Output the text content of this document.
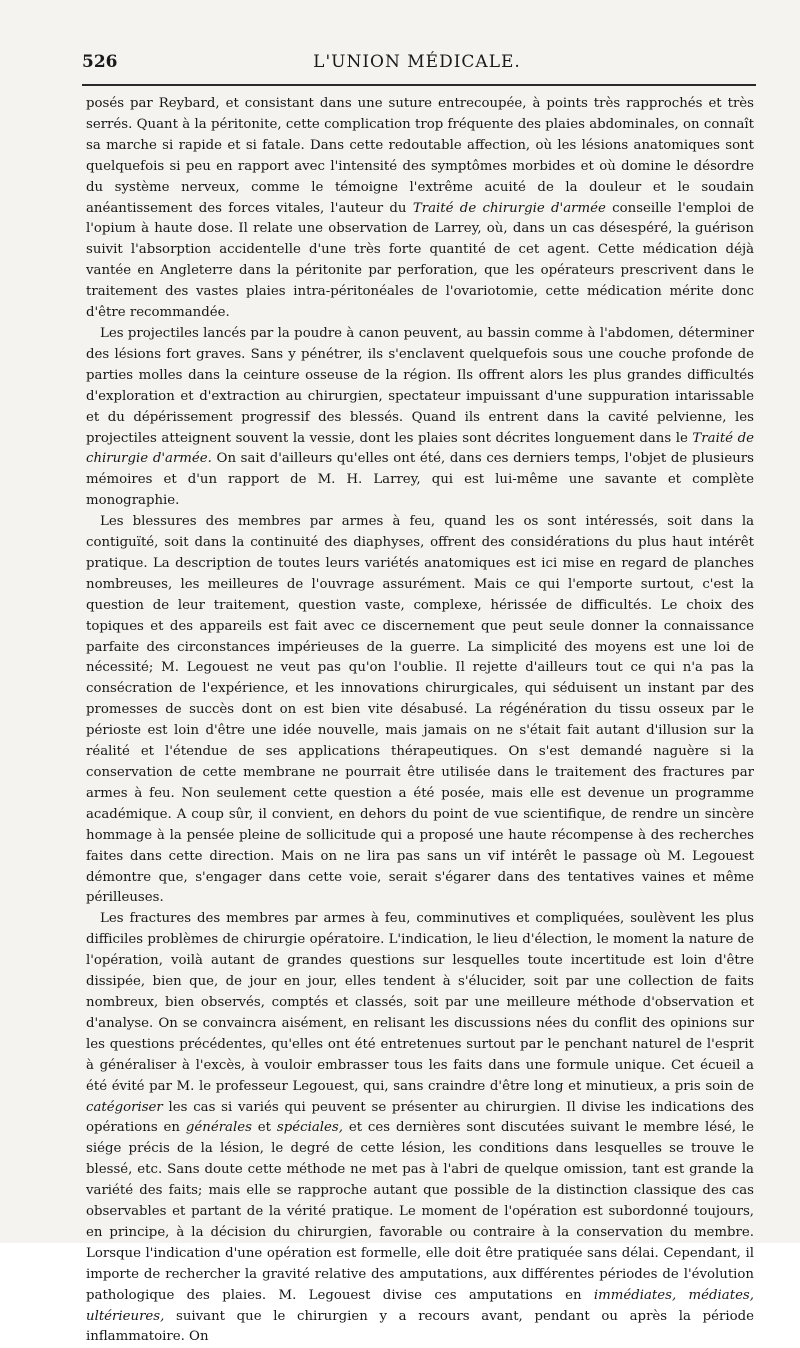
526	L'UNION MÉDICALE.

posés par Reybard, et consistant dans une suture entrecoupée, à points très rapprochés et très serrés. Quant à la péritonite, cette complication trop fréquente des plaies abdominales, on connaît sa marche si rapide et si fatale. Dans cette redoutable affection, où les lésions anatomiques sont quelquefois si peu en rapport avec l'intensité des symptômes morbides et où domine le désordre du système nerveux, comme le témoigne l'extrême acuité de la douleur et le soudain anéantissement des forces vitales, l'auteur du Traité de chirurgie d'armée conseille l'emploi de l'opium à haute dose. Il relate une observation de Larrey, où, dans un cas désespéré, la guérison suivit l'absorption accidentelle d'une très forte quantité de cet agent. Cette médication déjà vantée en Angleterre dans la péritonite par perforation, que les opérateurs prescrivent dans le traitement des vastes plaies intra-péritonéales de l'ovariotomie, cette médication mérite donc d'être recommandée.

Les projectiles lancés par la poudre à canon peuvent, au bassin comme à l'abdomen, déterminer des lésions fort graves. Sans y pénétrer, ils s'enclavent quelquefois sous une couche profonde de parties molles dans la ceinture osseuse de la région. Ils offrent alors les plus grandes difficultés d'exploration et d'extraction au chirurgien, spectateur impuissant d'une suppuration intarissable et du dépérissement progressif des blessés. Quand ils entrent dans la cavité pelvienne, les projectiles atteignent souvent la vessie, dont les plaies sont décrites longuement dans le Traité de chirurgie d'armée. On sait d'ailleurs qu'elles ont été, dans ces derniers temps, l'objet de plusieurs mémoires et d'un rapport de M. H. Larrey, qui est lui-même une savante et complète monographie.

Les blessures des membres par armes à feu, quand les os sont intéressés, soit dans la contiguïté, soit dans la continuité des diaphyses, offrent des considérations du plus haut intérêt pratique. La description de toutes leurs variétés anatomiques est ici mise en regard de planches nombreuses, les meilleures de l'ouvrage assurément. Mais ce qui l'emporte surtout, c'est la question de leur traitement, question vaste, complexe, hérissée de difficultés. Le choix des topiques et des appareils est fait avec ce discernement que peut seule donner la connaissance parfaite des circonstances impérieuses de la guerre. La simplicité des moyens est une loi de nécessité; M. Legouest ne veut pas qu'on l'oublie. Il rejette d'ailleurs tout ce qui n'a pas la consécration de l'expérience, et les innovations chirurgicales, qui séduisent un instant par des promesses de succès dont on est bien vite désabusé. La régénération du tissu osseux par le périoste est loin d'être une idée nouvelle, mais jamais on ne s'était fait autant d'illusion sur la réalité et l'étendue de ses applications thérapeutiques. On s'est demandé naguère si la conservation de cette membrane ne pourrait être utilisée dans le traitement des fractures par armes à feu. Non seulement cette question a été posée, mais elle est devenue un programme académique. A coup sûr, il convient, en dehors du point de vue scientifique, de rendre un sincère hommage à la pensée pleine de sollicitude qui a proposé une haute récompense à des recherches faites dans cette direction. Mais on ne lira pas sans un vif intérêt le passage où M. Legouest démontre que, s'engager dans cette voie, serait s'égarer dans des tentatives vaines et même périlleuses.

Les fractures des membres par armes à feu, comminutives et compliquées, soulèvent les plus difficiles problèmes de chirurgie opératoire. L'indication, le lieu d'élection, le moment la nature de l'opération, voilà autant de grandes questions sur lesquelles toute incertitude est loin d'être dissipée, bien que, de jour en jour, elles tendent à s'élucider, soit par une collection de faits nombreux, bien observés, comptés et classés, soit par une meilleure méthode d'observation et d'analyse. On se convaincra aisément, en relisant les discussions nées du conflit des opinions sur les questions précédentes, qu'elles ont été entretenues surtout par le penchant naturel de l'esprit à généraliser à l'excès, à vouloir embrasser tous les faits dans une formule unique. Cet écueil a été évité par M. le professeur Legouest, qui, sans craindre d'être long et minutieux, a pris soin de catégoriser les cas si variés qui peuvent se présenter au chirurgien. Il divise les indications des opérations en générales et spéciales, et ces dernières sont discutées suivant le membre lésé, le siége précis de la lésion, le degré de cette lésion, les conditions dans lesquelles se trouve le blessé, etc. Sans doute cette méthode ne met pas à l'abri de quelque omission, tant est grande la variété des faits; mais elle se rapproche autant que possible de la distinction classique des cas observables et partant de la vérité pratique. Le moment de l'opération est subordonné toujours, en principe, à la décision du chirurgien, favorable ou contraire à la conservation du membre. Lorsque l'indication d'une opération est formelle, elle doit être pratiquée sans délai. Cependant, il importe de rechercher la gravité relative des amputations, aux différentes périodes de l'évolution pathologique des plaies. M. Legouest divise ces amputations en immédiates, médiates, ultérieures, suivant que le chirurgien y a recours avant, pendant ou après la période inflammatoire. On
